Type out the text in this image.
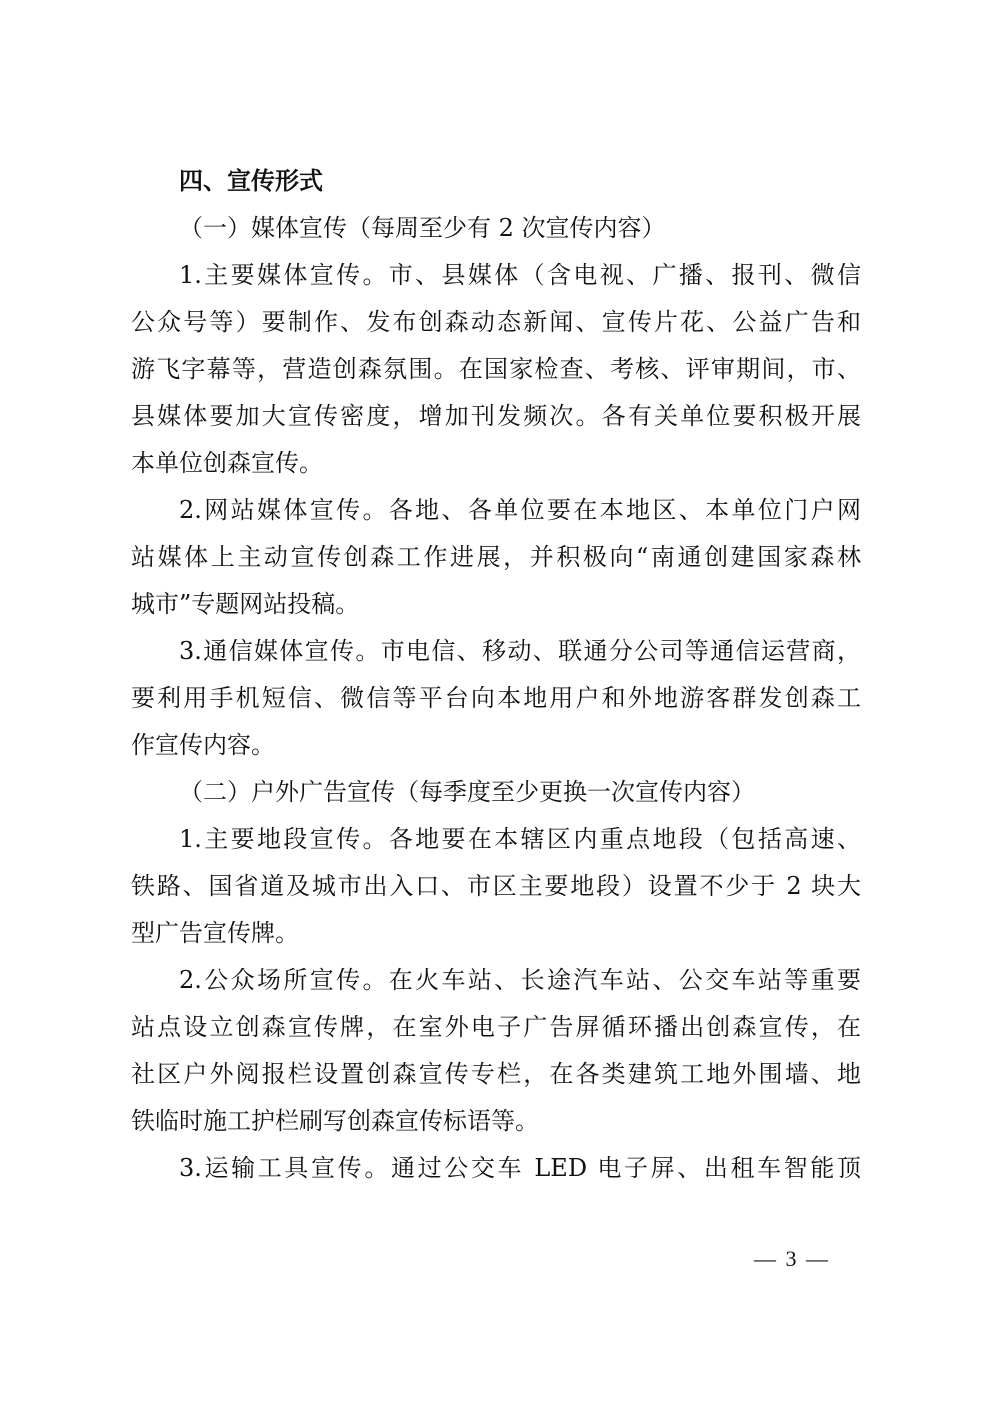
四、宣传形式
（一）媒体宣传（每周至少有 2 次宣传内容）
1.主要媒体宣传。市、县媒体（含电视、广播、报刊、微信
公众号等）要制作、发布创森动态新闻、宣传片花、公益广告和
游飞字幕等，营造创森氛围。在国家检查、考核、评审期间，市、
县媒体要加大宣传密度，增加刊发频次。各有关单位要积极开展
本单位创森宣传。
2.网站媒体宣传。各地、各单位要在本地区、本单位门户网
站媒体上主动宣传创森工作进展，并积极向“南通创建国家森林
城市”专题网站投稿。
3.通信媒体宣传。市电信、移动、联通分公司等通信运营商，
要利用手机短信、微信等平台向本地用户和外地游客群发创森工
作宣传内容。
（二）户外广告宣传（每季度至少更换一次宣传内容）
1.主要地段宣传。各地要在本辖区内重点地段（包括高速、
铁路、国省道及城市出入口、市区主要地段）设置不少于 2 块大
型广告宣传牌。
2.公众场所宣传。在火车站、长途汽车站、公交车站等重要
站点设立创森宣传牌，在室外电子广告屏循环播出创森宣传，在
社区户外阅报栏设置创森宣传专栏，在各类建筑工地外围墙、地
铁临时施工护栏刷写创森宣传标语等。
3.运输工具宣传。通过公交车 LED 电子屏、出租车智能顶
— 3 —
